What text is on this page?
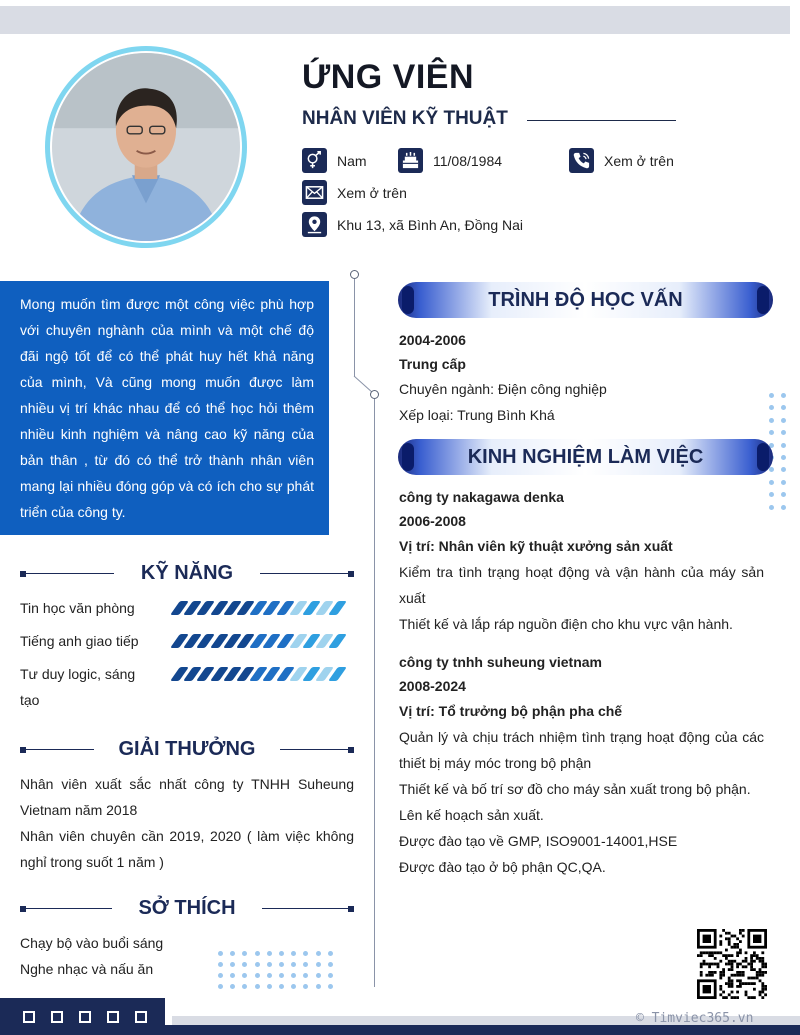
ỨNG VIÊN
NHÂN VIÊN KỸ THUẬT
Nam	11/08/1984	Xem ở trên
Xem ở trên
Khu 13, xã Bình An, Đồng Nai
Mong muốn tìm được một công việc phù hợp với chuyên nghành của mình và một chế độ đãi ngộ tốt để có thể phát huy hết khả năng của mình, Và cũng mong muốn được làm nhiều vị trí khác nhau để có thể học hỏi thêm nhiều kinh nghiệm và nâng cao kỹ năng của bản thân , từ đó có thể trở thành nhân viên mang lại nhiều đóng góp và có ích cho sự phát triển của công ty.
KỸ NĂNG
Tin học văn phòng
Tiếng anh giao tiếp
Tư duy logic, sáng tạo
GIẢI THƯỞNG
Nhân viên xuất sắc nhất công ty TNHH Suheung Vietnam năm 2018
Nhân viên chuyên cần 2019, 2020 ( làm việc không nghỉ trong suốt 1 năm )
SỞ THÍCH
Chạy bộ vào buổi sáng
Nghe nhạc và nấu ăn
TRÌNH ĐỘ HỌC VẤN
2004-2006
Trung cấp
Chuyên ngành: Điện công nghiệp
Xếp loại: Trung Bình Khá
KINH NGHIỆM LÀM VIỆC
công ty nakagawa denka
2006-2008
Vị trí: Nhân viên kỹ thuật xưởng sản xuất
Kiểm tra tình trạng hoạt động và vận hành của máy sản xuất
Thiết kế và lắp ráp nguồn điện cho khu vực vận hành.
công ty tnhh suheung vietnam
2008-2024
Vị trí: Tổ trưởng bộ phận pha chế
Quản lý và chịu trách nhiệm tình trạng hoạt động của các thiết bị máy móc trong bộ phận
Thiết kế và bố trí sơ đồ cho máy sản xuất trong bộ phận.
Lên kế hoạch sản xuất.
Được đào tạo về GMP, ISO9001-14001,HSE
Được đào tạo ở bộ phận QC,QA.
© Timviec365.vn
